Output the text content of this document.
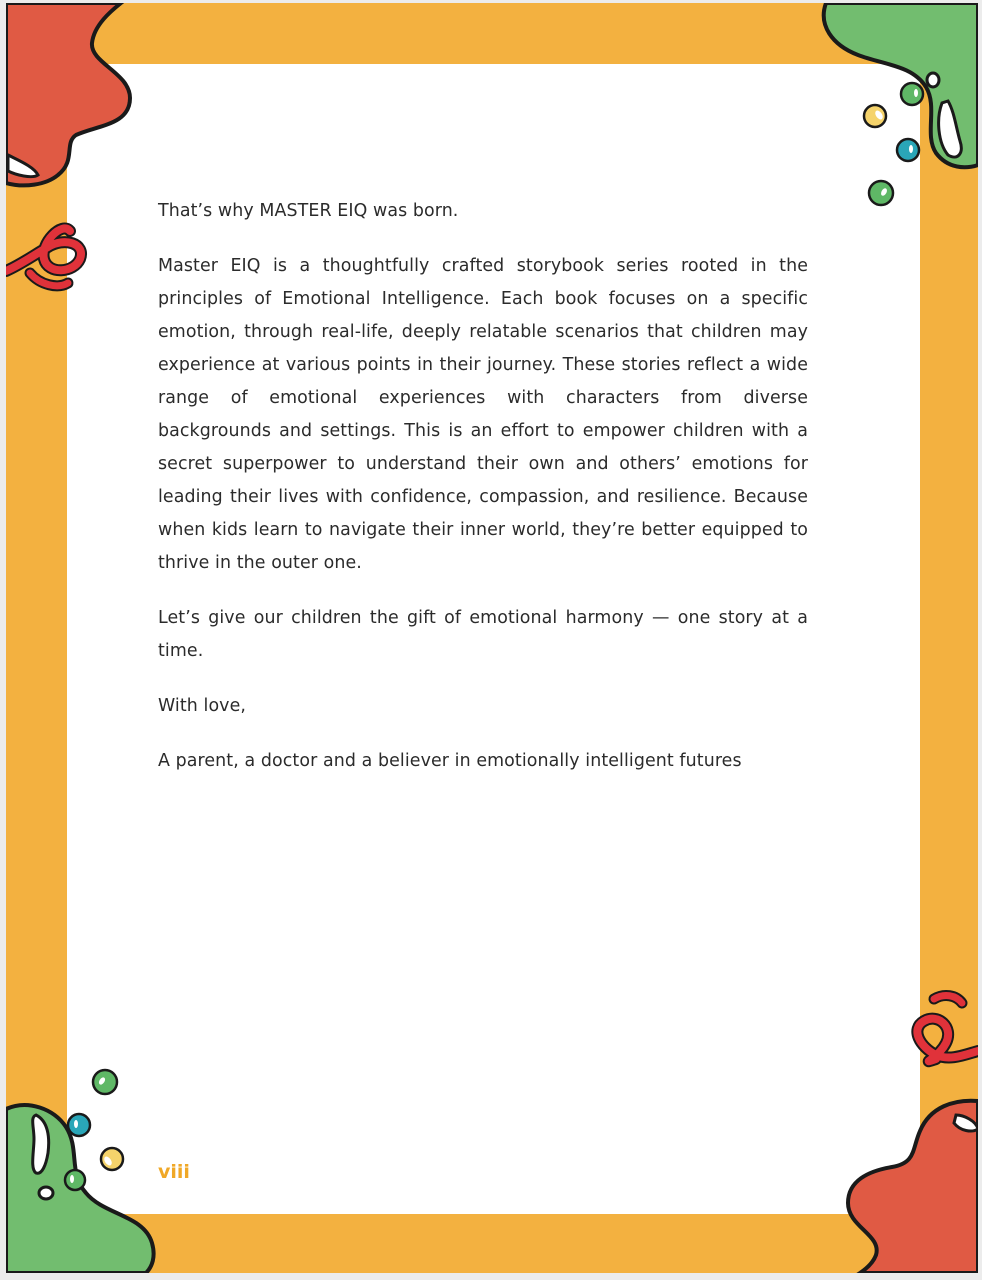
That’s why MASTER EIQ was born.

Master EIQ is a thoughtfully crafted storybook series rooted in the principles of Emotional Intelligence. Each book focuses on a specific emotion, through real-life, deeply relatable scenarios that children may experience at various points in their journey. These stories reflect a wide range of emotional experiences with characters from diverse backgrounds and settings. This is an effort to empower children with a secret superpower to understand their own and others’ emotions for leading their lives with confidence, compassion, and resilience. Because when kids learn to navigate their inner world, they’re better equipped to thrive in the outer one.

Let’s give our children the gift of emotional harmony — one story at a time.

With love,

A parent, a doctor and a believer in emotionally intelligent futures

viii
